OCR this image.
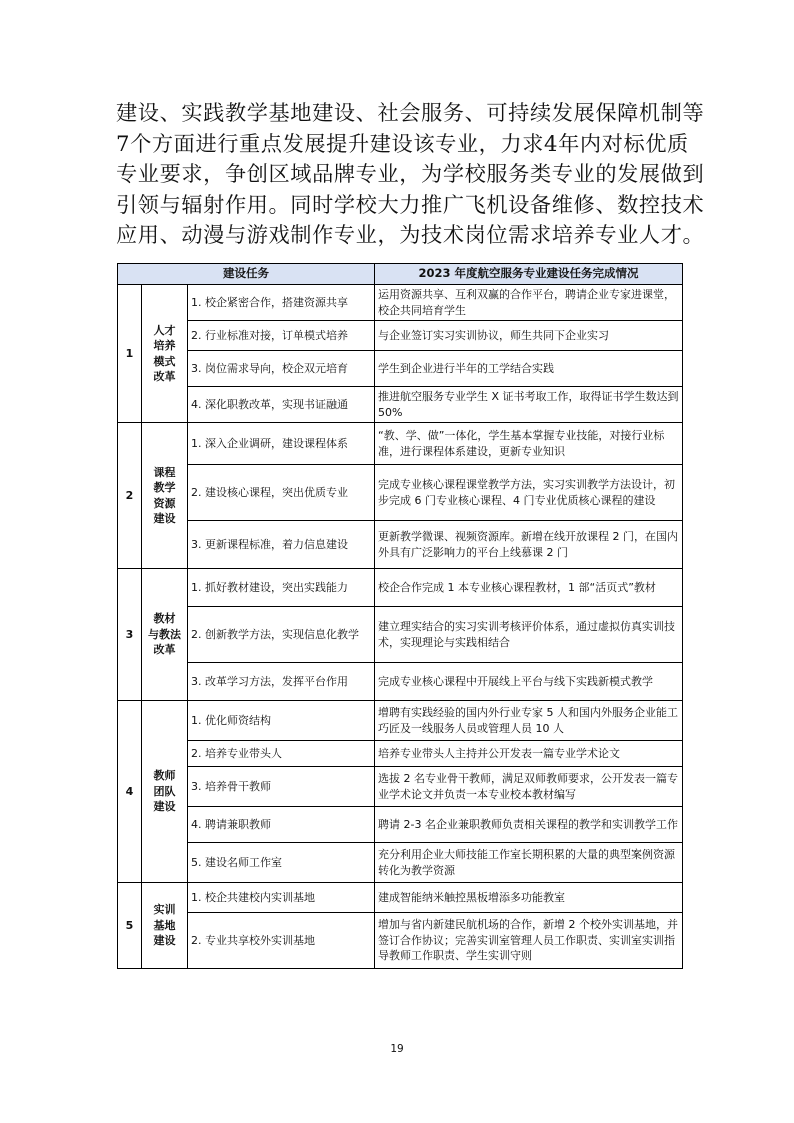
建设、实践教学基地建设、社会服务、可持续发展保障机制等
7个方面进行重点发展提升建设该专业，力求4年内对标优质
专业要求，争创区域品牌专业，为学校服务类专业的发展做到
引领与辐射作用。同时学校大力推广飞机设备维修、数控技术
应用、动漫与游戏制作专业，为技术岗位需求培养专业人才。
建设任务			2023 年度航空服务专业建设任务完成情况
1	人才
培养
模式
改革	1. 校企紧密合作，搭建资源共享	运用资源共享、互利双赢的合作平台，聘请企业专家进课堂，校企共同培育学生
		2. 行业标准对接，订单模式培养	与企业签订实习实训协议，师生共同下企业实习
		3. 岗位需求导向，校企双元培育	学生到企业进行半年的工学结合实践
		4. 深化职教改革，实现书证融通	推进航空服务专业学生 X 证书考取工作，取得证书学生数达到 50%
2	课程
教学
资源
建设	1. 深入企业调研，建设课程体系	“教、学、做”一体化，学生基本掌握专业技能，对接行业标准，进行课程体系建设，更新专业知识
		2. 建设核心课程，突出优质专业	完成专业核心课程课堂教学方法，实习实训教学方法设计，初步完成 6 门专业核心课程、4 门专业优质核心课程的建设
		3. 更新课程标准，着力信息建设	更新教学微课、视频资源库。新增在线开放课程 2 门，在国内外具有广泛影响力的平台上线慕课 2 门
3	教材
与教法
改革	1. 抓好教材建设，突出实践能力	校企合作完成 1 本专业核心课程教材，1 部“活页式”教材
		2. 创新教学方法，实现信息化教学	建立理实结合的实习实训考核评价体系，通过虚拟仿真实训技术，实现理论与实践相结合
		3. 改革学习方法，发挥平台作用	完成专业核心课程中开展线上平台与线下实践新模式教学
4	教师
团队
建设	1. 优化师资结构	增聘有实践经验的国内外行业专家 5 人和国内外服务企业能工巧匠及一线服务人员或管理人员 10 人
		2. 培养专业带头人	培养专业带头人主持并公开发表一篇专业学术论文
		3. 培养骨干教师	选拔 2 名专业骨干教师，满足双师教师要求，公开发表一篇专业学术论文并负责一本专业校本教材编写
		4. 聘请兼职教师	聘请 2-3 名企业兼职教师负责相关课程的教学和实训教学工作
		5. 建设名师工作室	充分利用企业大师技能工作室长期积累的大量的典型案例资源转化为教学资源
5	实训
基地
建设	1. 校企共建校内实训基地	建成智能纳米触控黑板增添多功能教室
		2. 专业共享校外实训基地	增加与省内新建民航机场的合作，新增 2 个校外实训基地，并签订合作协议；完善实训室管理人员工作职责、实训室实训指导教师工作职责、学生实训守则
19
